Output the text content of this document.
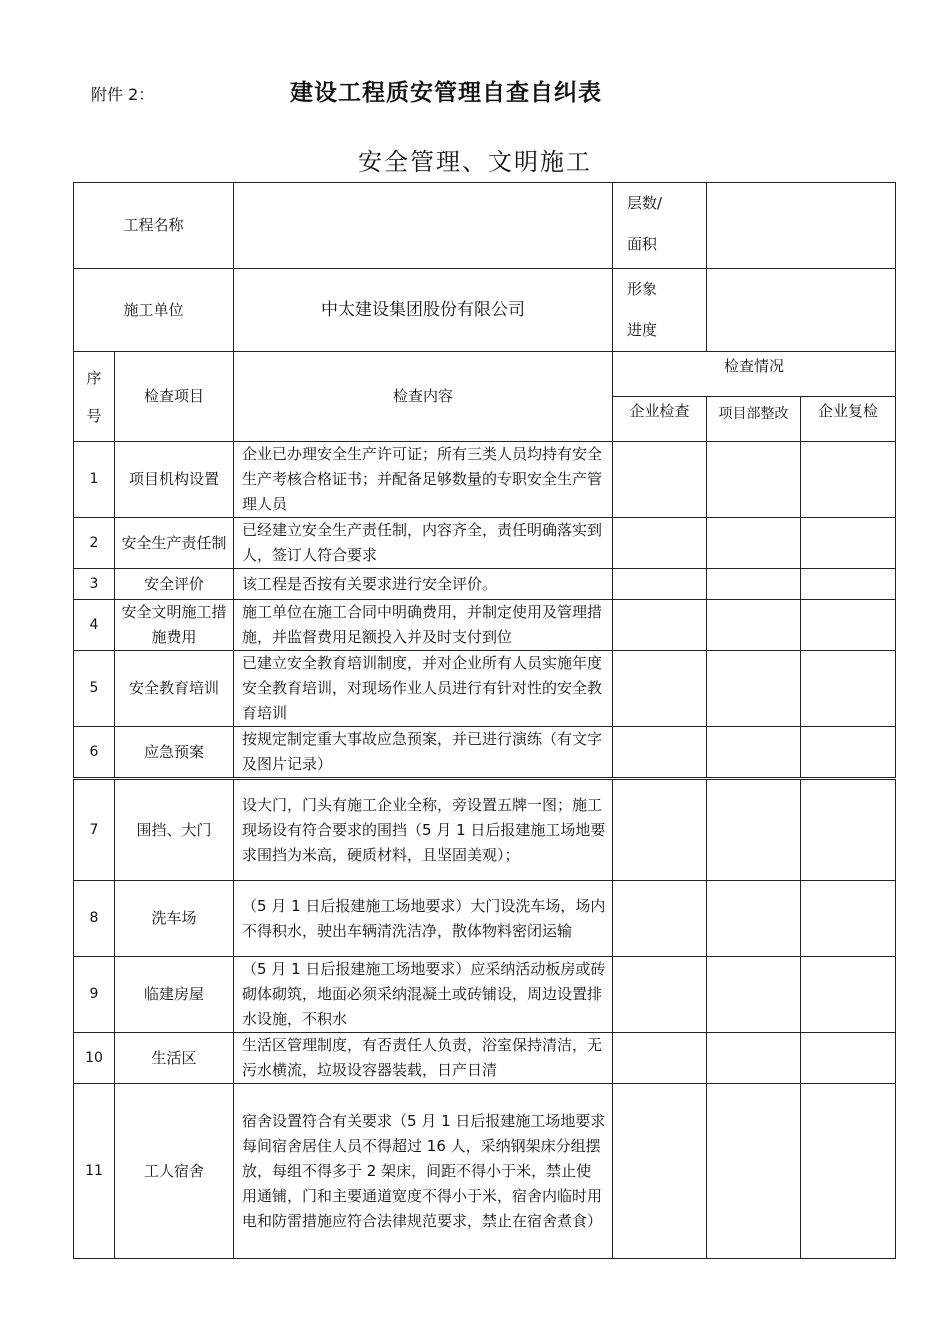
附件 2：	建设工程质安管理自查自纠表
安全管理、文明施工
工程名称			层数/
面积		
施工单位		中太建设集团股份有限公司	形象
进度		
序
号	检查项目	检查内容	检查情况		
			企业检查	项目部整改	企业复检
1	项目机构设置	企业已办理安全生产许可证；所有三类人员均持有安全生产考核合格证书；并配备足够数量的专职安全生产管理人员			
2	安全生产责任制	已经建立安全生产责任制，内容齐全，责任明确落实到人，签订人符合要求			
3	安全评价	该工程是否按有关要求进行安全评价。			
4	安全文明施工措施费用	施工单位在施工合同中明确费用，并制定使用及管理措施，并监督费用足额投入并及时支付到位			
5	安全教育培训	已建立安全教育培训制度，并对企业所有人员实施年度安全教育培训，对现场作业人员进行有针对性的安全教育培训			
6	应急预案	按规定制定重大事故应急预案，并已进行演练（有文字及图片记录）			
7	围挡、大门	设大门，门头有施工企业全称，旁设置五牌一图；施工现场设有符合要求的围挡（5 月 1 日后报建施工场地要求围挡为米高，硬质材料，且坚固美观）；			
8	洗车场	（5 月 1 日后报建施工场地要求）大门设洗车场，场内不得积水，驶出车辆清洗洁净，散体物料密闭运输			
9	临建房屋	（5 月 1 日后报建施工场地要求）应采纳活动板房或砖砌体砌筑，地面必须采纳混凝土或砖铺设，周边设置排水设施，不积水			
10	生活区	生活区管理制度，有否责任人负责，浴室保持清洁，无污水横流，垃圾设容器装载，日产日清			
11	工人宿舍	宿舍设置符合有关要求（5 月 1 日后报建施工场地要求
每间宿舍居住人员不得超过 16 人，采纳钢架床分组摆放，每组不得多于 2 架床，间距不得小于米，禁止使用通铺，门和主要通道宽度不得小于米，宿舍内临时用电和防雷措施应符合法律规范要求，禁止在宿舍煮食）			
